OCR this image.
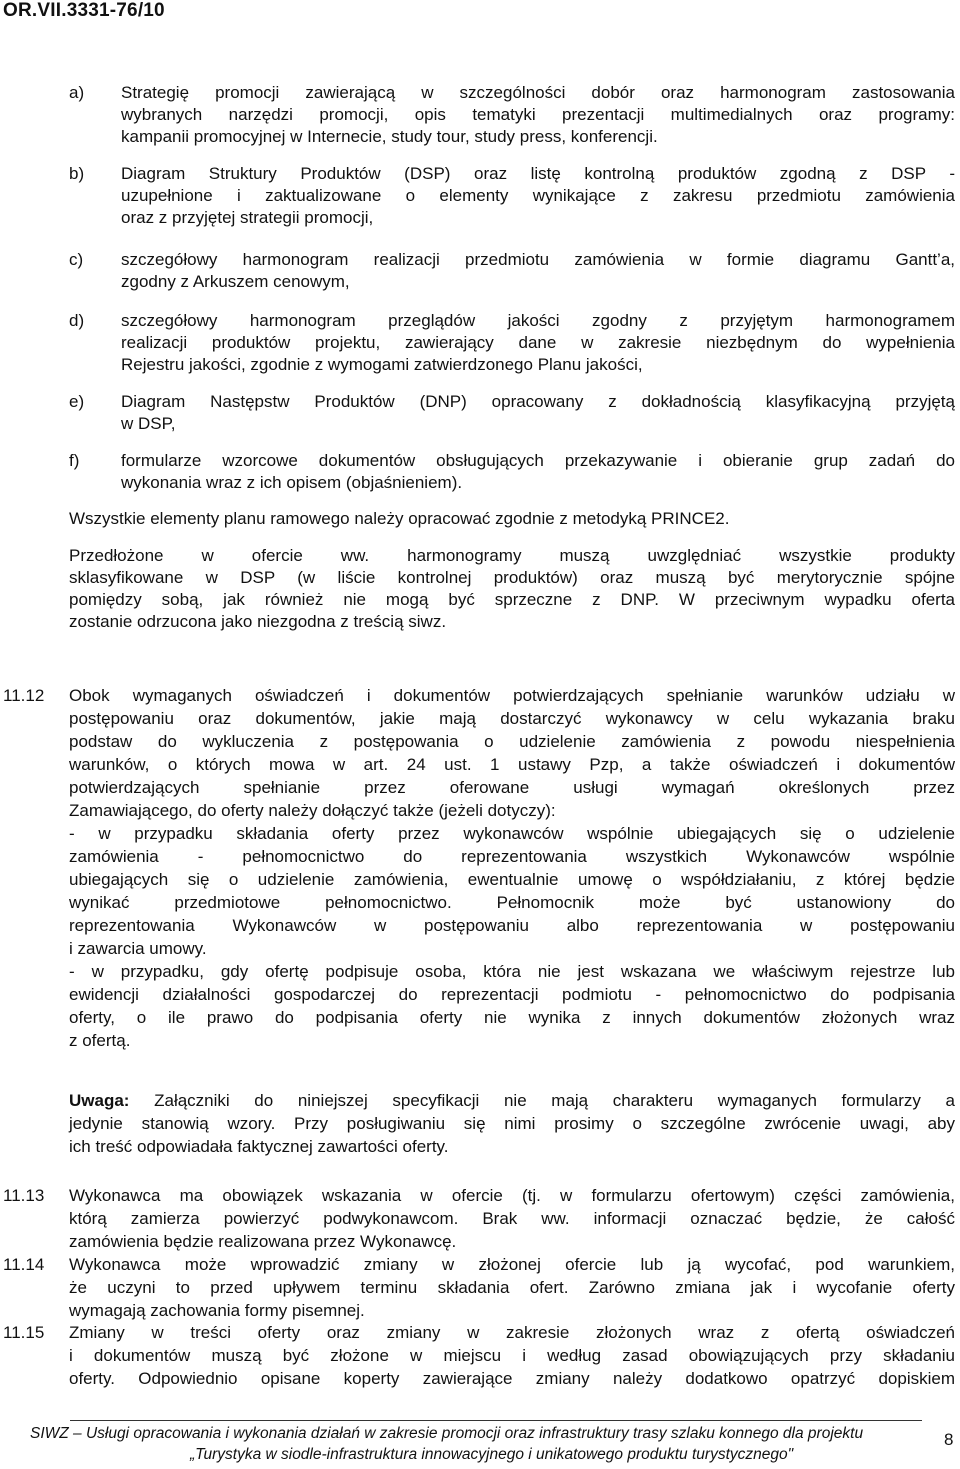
OR.VII.3331-76/10
a) Strategię promocji zawierającą w szczególności dobór oraz harmonogram zastosowania
wybranych narzędzi promocji, opis tematyki prezentacji multimedialnych oraz programy:
kampanii promocyjnej w Internecie, study tour, study press, konferencji.
b) Diagram Struktury Produktów (DSP) oraz listę kontrolną produktów zgodną z DSP -
uzupełnione i zaktualizowane o elementy wynikające z zakresu przedmiotu zamówienia
oraz z przyjętej strategii promocji,
c) szczegółowy harmonogram realizacji przedmiotu zamówienia w formie diagramu Gantt’a,
zgodny z Arkuszem cenowym,
d) szczegółowy harmonogram przeglądów jakości zgodny z przyjętym harmonogramem
realizacji produktów projektu, zawierający dane w zakresie niezbędnym do wypełnienia
Rejestru jakości, zgodnie z wymogami zatwierdzonego Planu jakości,
e) Diagram Następstw Produktów (DNP) opracowany z dokładnością klasyfikacyjną przyjętą
w DSP,
f) formularze wzorcowe dokumentów obsługujących przekazywanie i obieranie grup zadań do
wykonania wraz z ich opisem (objaśnieniem).
Wszystkie elementy planu ramowego należy opracować zgodnie z metodyką PRINCE2.
Przedłożone w ofercie ww. harmonogramy muszą uwzględniać wszystkie produkty
sklasyfikowane w DSP (w liście kontrolnej produktów) oraz muszą być merytorycznie spójne
pomiędzy sobą, jak również nie mogą być sprzeczne z DNP. W przeciwnym wypadku oferta
zostanie odrzucona jako niezgodna z treścią siwz.
11.12 Obok wymaganych oświadczeń i dokumentów potwierdzających spełnianie warunków udziału w
postępowaniu oraz dokumentów, jakie mają dostarczyć wykonawcy w celu wykazania braku
podstaw do wykluczenia z postępowania o udzielenie zamówienia z powodu niespełnienia
warunków, o których mowa w art. 24 ust. 1 ustawy Pzp, a także oświadczeń i dokumentów
potwierdzających spełnianie przez oferowane usługi wymagań określonych przez
Zamawiającego, do oferty należy dołączyć także (jeżeli dotyczy):
- w przypadku składania oferty przez wykonawców wspólnie ubiegających się o udzielenie
zamówienia - pełnomocnictwo do reprezentowania wszystkich Wykonawców wspólnie
ubiegających się o udzielenie zamówienia, ewentualnie umowę o współdziałaniu, z której będzie
wynikać przedmiotowe pełnomocnictwo. Pełnomocnik może być ustanowiony do
reprezentowania Wykonawców w postępowaniu albo reprezentowania w postępowaniu
i zawarcia umowy.
- w przypadku, gdy ofertę podpisuje osoba, która nie jest wskazana we właściwym rejestrze lub
ewidencji działalności gospodarczej do reprezentacji podmiotu - pełnomocnictwo do podpisania
oferty, o ile prawo do podpisania oferty nie wynika z innych dokumentów złożonych wraz
z ofertą.
Uwaga: Załączniki do niniejszej specyfikacji nie mają charakteru wymaganych formularzy a
jedynie stanowią wzory. Przy posługiwaniu się nimi prosimy o szczególne zwrócenie uwagi, aby
ich treść odpowiadała faktycznej zawartości oferty.
11.13 Wykonawca ma obowiązek wskazania w ofercie (tj. w formularzu ofertowym) części zamówienia,
którą zamierza powierzyć podwykonawcom. Brak ww. informacji oznaczać będzie, że całość
zamówienia będzie realizowana przez Wykonawcę.
11.14 Wykonawca może wprowadzić zmiany w złożonej ofercie lub ją wycofać, pod warunkiem,
że uczyni to przed upływem terminu składania ofert. Zarówno zmiana jak i wycofanie oferty
wymagają zachowania formy pisemnej.
11.15 Zmiany w treści oferty oraz zmiany w zakresie złożonych wraz z ofertą oświadczeń
i dokumentów muszą być złożone w miejscu i według zasad obowiązujących przy składaniu
oferty. Odpowiednio opisane koperty zawierające zmiany należy dodatkowo opatrzyć dopiskiem
SIWZ – Usługi opracowania i wykonania działań w zakresie promocji oraz infrastruktury trasy szlaku konnego dla projektu
„Turystyka w siodle-infrastruktura innowacyjnego i unikatowego produktu turystycznego"
8
